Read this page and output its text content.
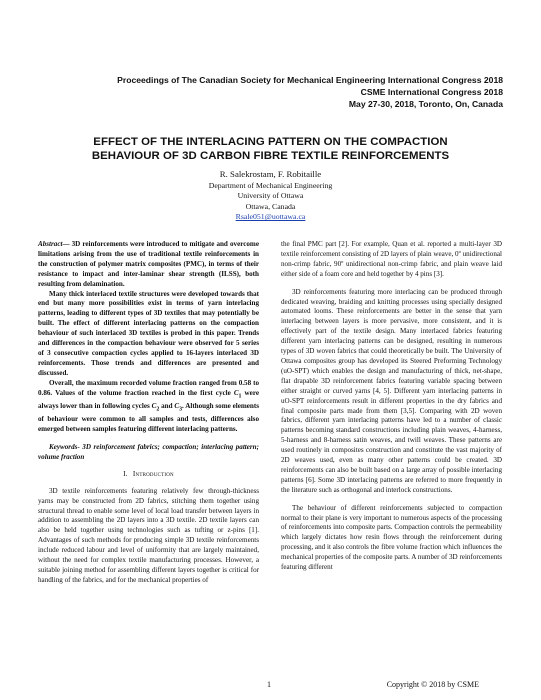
Proceedings of The Canadian Society for Mechanical Engineering International Congress 2018
CSME International Congress 2018
May 27-30, 2018, Toronto, On, Canada
EFFECT OF THE INTERLACING PATTERN ON THE COMPACTION
BEHAVIOUR OF 3D CARBON FIBRE TEXTILE REINFORCEMENTS
R. Salekrostam, F. Robitaille
Department of Mechanical Engineering
University of Ottawa
Ottawa, Canada
Rsale051@uottawa.ca

Abstract— 3D reinforcements were introduced to mitigate and overcome limitations arising from the use of traditional textile reinforcements in the construction of polymer matrix composites (PMC), in terms of their resistance to impact and inter-laminar shear strength (ILSS), both resulting from delamination.

Many thick interlaced textile structures were developed towards that end but many more possibilities exist in terms of yarn interlacing patterns, leading to different types of 3D textiles that may potentially be built. The effect of different interlacing patterns on the compaction behaviour of such interlaced 3D textiles is probed in this paper. Trends and differences in the compaction behaviour were observed for 5 series of 3 consecutive compaction cycles applied to 16-layers interlaced 3D reinforcements. Those trends and differences are presented and discussed.

Overall, the maximum recorded volume fraction ranged from 0.58 to 0.86. Values of the volume fraction reached in the first cycle $C_1$ were always lower than in following cycles $C_2$ and $C_3$. Although some elements of behaviour were common to all samples and tests, differences also emerged between samples featuring different interlacing patterns.

Keywords- 3D reinforcement fabrics; compaction; interlacing pattern; volume fraction

I. Introduction

3D textile reinforcements featuring relatively few through-thickness yarns may be constructed from 2D fabrics, stitching them together using structural thread to enable some level of local load transfer between layers in addition to assembling the 2D layers into a 3D textile. 2D textile layers can also be held together using technologies such as tufting or z-pins [1]. Advantages of such methods for producing simple 3D textile reinforcements include reduced labour and level of uniformity that are largely maintained, without the need for complex textile manufacturing processes. However, a suitable joining method for assembling different layers together is critical for handling of the fabrics, and for the mechanical properties of

the final PMC part [2]. For example, Quan et al. reported a multi-layer 3D textile reinforcement consisting of 2D layers of plain weave, 0º unidirectional non-crimp fabric, 90º unidirectional non-crimp fabric, and plain weave laid either side of a foam core and held together by 4 pins [3].

3D reinforcements featuring more interlacing can be produced through dedicated weaving, braiding and knitting processes using specially designed automated looms. These reinforcements are better in the sense that yarn interlacing between layers is more pervasive, more consistent, and it is effectively part of the textile design. Many interlaced fabrics featuring different yarn interlacing patterns can be designed, resulting in numerous types of 3D woven fabrics that could theoretically be built. The University of Ottawa composites group has developed its Steered Preforming Technology (uO-SPT) which enables the design and manufacturing of thick, net-shape, flat drapable 3D reinforcement fabrics featuring variable spacing between either straight or curved yarns [4, 5]. Different yarn interlacing patterns in uO-SPT reinforcements result in different properties in the dry fabrics and final composite parts made from them [3,5]. Comparing with 2D woven fabrics, different yarn interlacing patterns have led to a number of classic patterns becoming standard constructions including plain weaves, 4-harness, 5-harness and 8-harness satin weaves, and twill weaves. These patterns are used routinely in composites construction and constitute the vast majority of 2D weaves used, even as many other patterns could be created. 3D reinforcements can also be built based on a large array of possible interlacing patterns [6]. Some 3D interlacing patterns are referred to more frequently in the literature such as orthogonal and interlock constructions.

The behaviour of different reinforcements subjected to compaction normal to their plane is very important to numerous aspects of the processing of reinforcements into composite parts. Compaction controls the permeability which largely dictates how resin flows through the reinforcement during processing, and it also controls the fibre volume fraction which influences the mechanical properties of the composite parts. A number of 3D reinforcements featuring different

1	Copyright © 2018 by CSME
